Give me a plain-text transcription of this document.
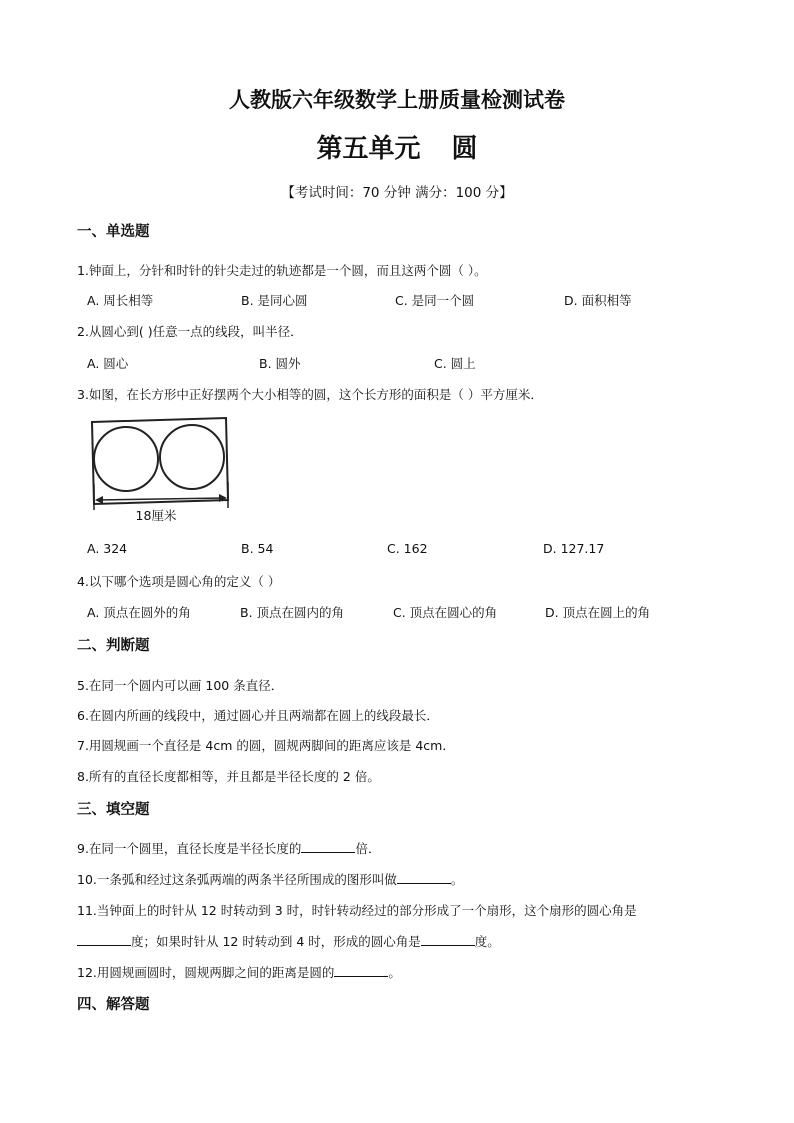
人教版六年级数学上册质量检测试卷
第五单元 圆
【考试时间：70 分钟 满分：100 分】
一、单选题
1.钟面上，分针和时针的针尖走过的轨迹都是一个圆，而且这两个圆（ ）。
A. 周长相等	B. 是同心圆	C. 是同一个圆	D. 面积相等
2.从圆心到( )任意一点的线段，叫半径．
A. 圆心	B. 圆外	C. 圆上
3.如图，在长方形中正好摆两个大小相等的圆，这个长方形的面积是（ ）平方厘米．
18厘米
A. 324	B. 54	C. 162	D. 127.17
4.以下哪个选项是圆心角的定义（ ）
A. 顶点在圆外的角	B. 顶点在圆内的角	C. 顶点在圆心的角	D. 顶点在圆上的角
二、判断题
5.在同一个圆内可以画 100 条直径．
6.在圆内所画的线段中，通过圆心并且两端都在圆上的线段最长．
7.用圆规画一个直径是 4cm 的圆，圆规两脚间的距离应该是 4cm．
8.所有的直径长度都相等，并且都是半径长度的 2 倍。
三、填空题
9.在同一个圆里，直径长度是半径长度的	倍．
10.一条弧和经过这条弧两端的两条半径所围成的图形叫做	。
11.当钟面上的时针从 12 时转动到 3 时，时针转动经过的部分形成了一个扇形，这个扇形的圆心角是
度；如果时针从 12 时转动到 4 时，形成的圆心角是	度。
12.用圆规画圆时，圆规两脚之间的距离是圆的	。
四、解答题
